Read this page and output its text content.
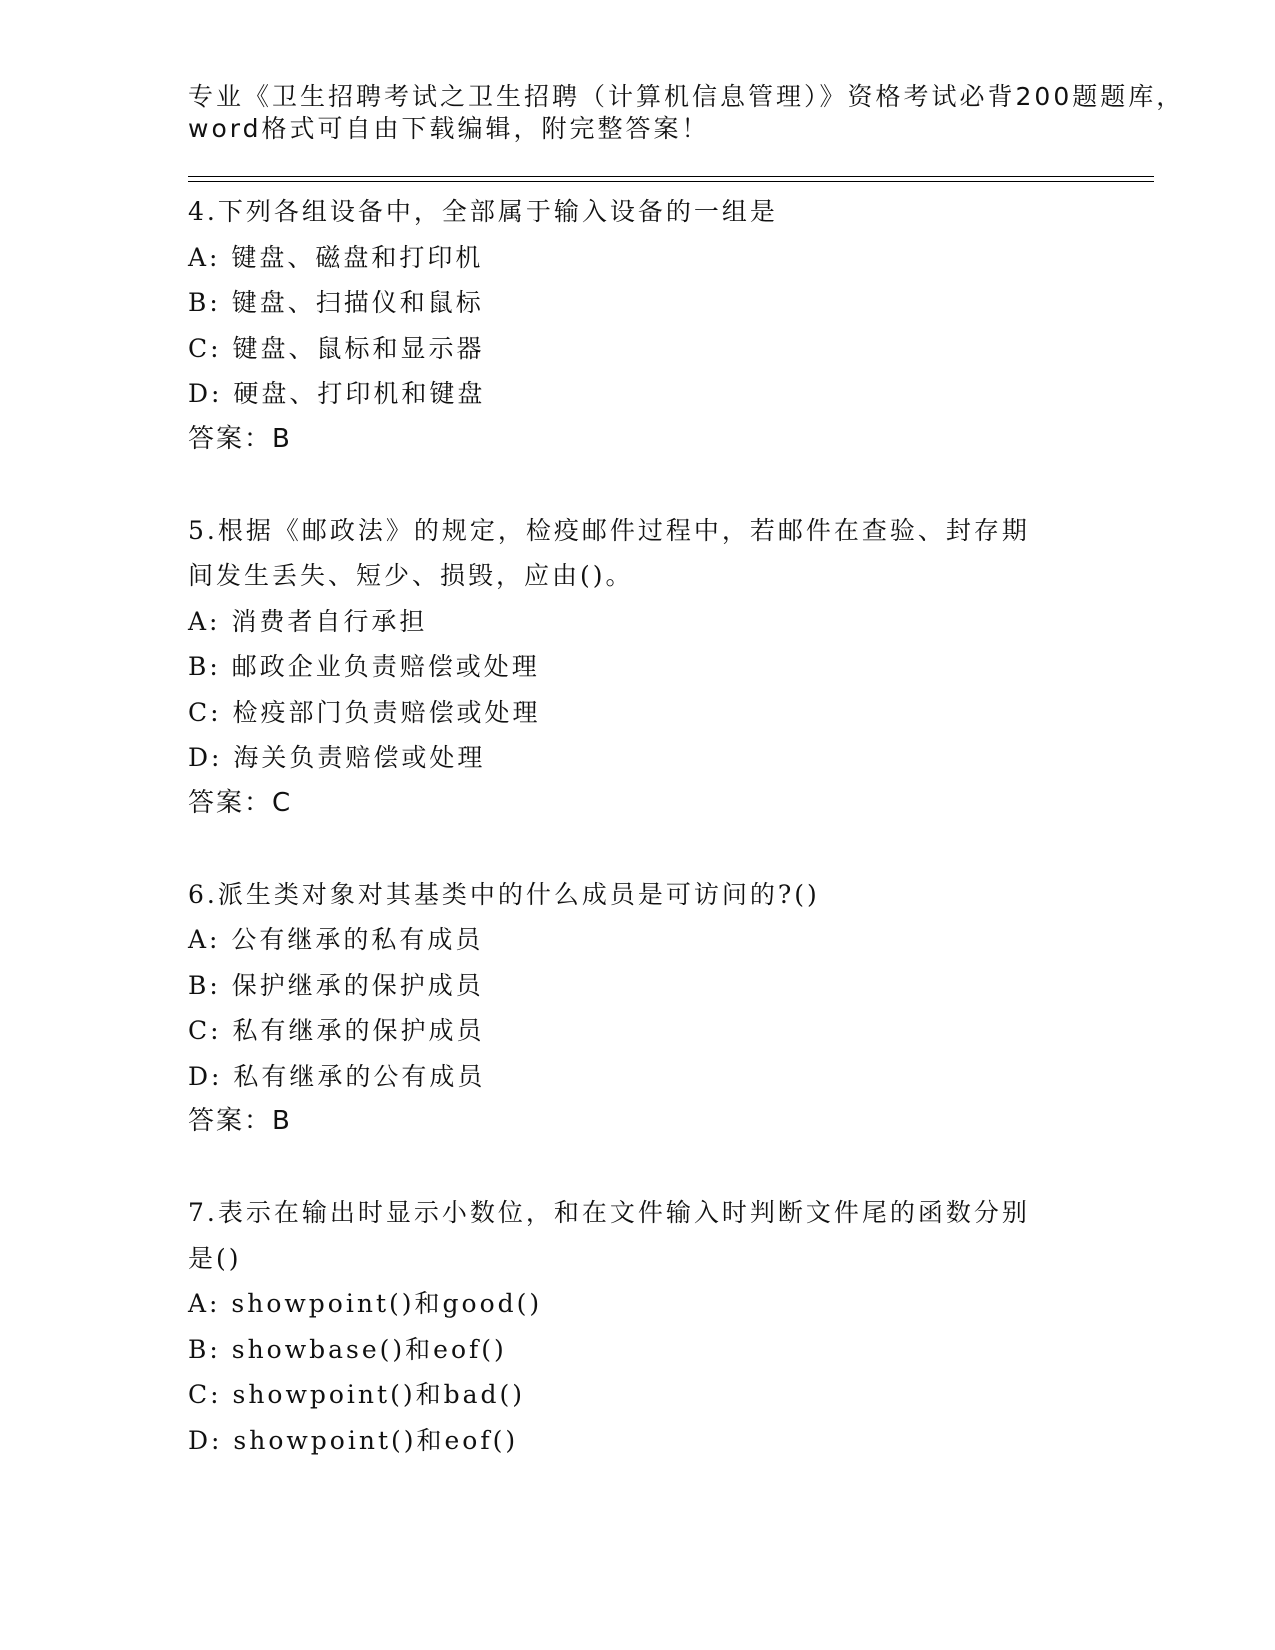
专业《卫生招聘考试之卫生招聘（计算机信息管理）》资格考试必背200题题库，
word格式可自由下载编辑，附完整答案！
4.下列各组设备中，全部属于输入设备的一组是
A: 键盘、磁盘和打印机
B: 键盘、扫描仪和鼠标
C: 键盘、鼠标和显示器
D: 硬盘、打印机和键盘
答案：B
5.根据《邮政法》的规定，检疫邮件过程中，若邮件在查验、封存期
间发生丢失、短少、损毁，应由()。
A: 消费者自行承担
B: 邮政企业负责赔偿或处理
C: 检疫部门负责赔偿或处理
D: 海关负责赔偿或处理
答案：C
6.派生类对象对其基类中的什么成员是可访问的?()
A: 公有继承的私有成员
B: 保护继承的保护成员
C: 私有继承的保护成员
D: 私有继承的公有成员
答案：B
7.表示在输出时显示小数位，和在文件输入时判断文件尾的函数分别
是()
A: showpoint()和good()
B: showbase()和eof()
C: showpoint()和bad()
D: showpoint()和eof()
